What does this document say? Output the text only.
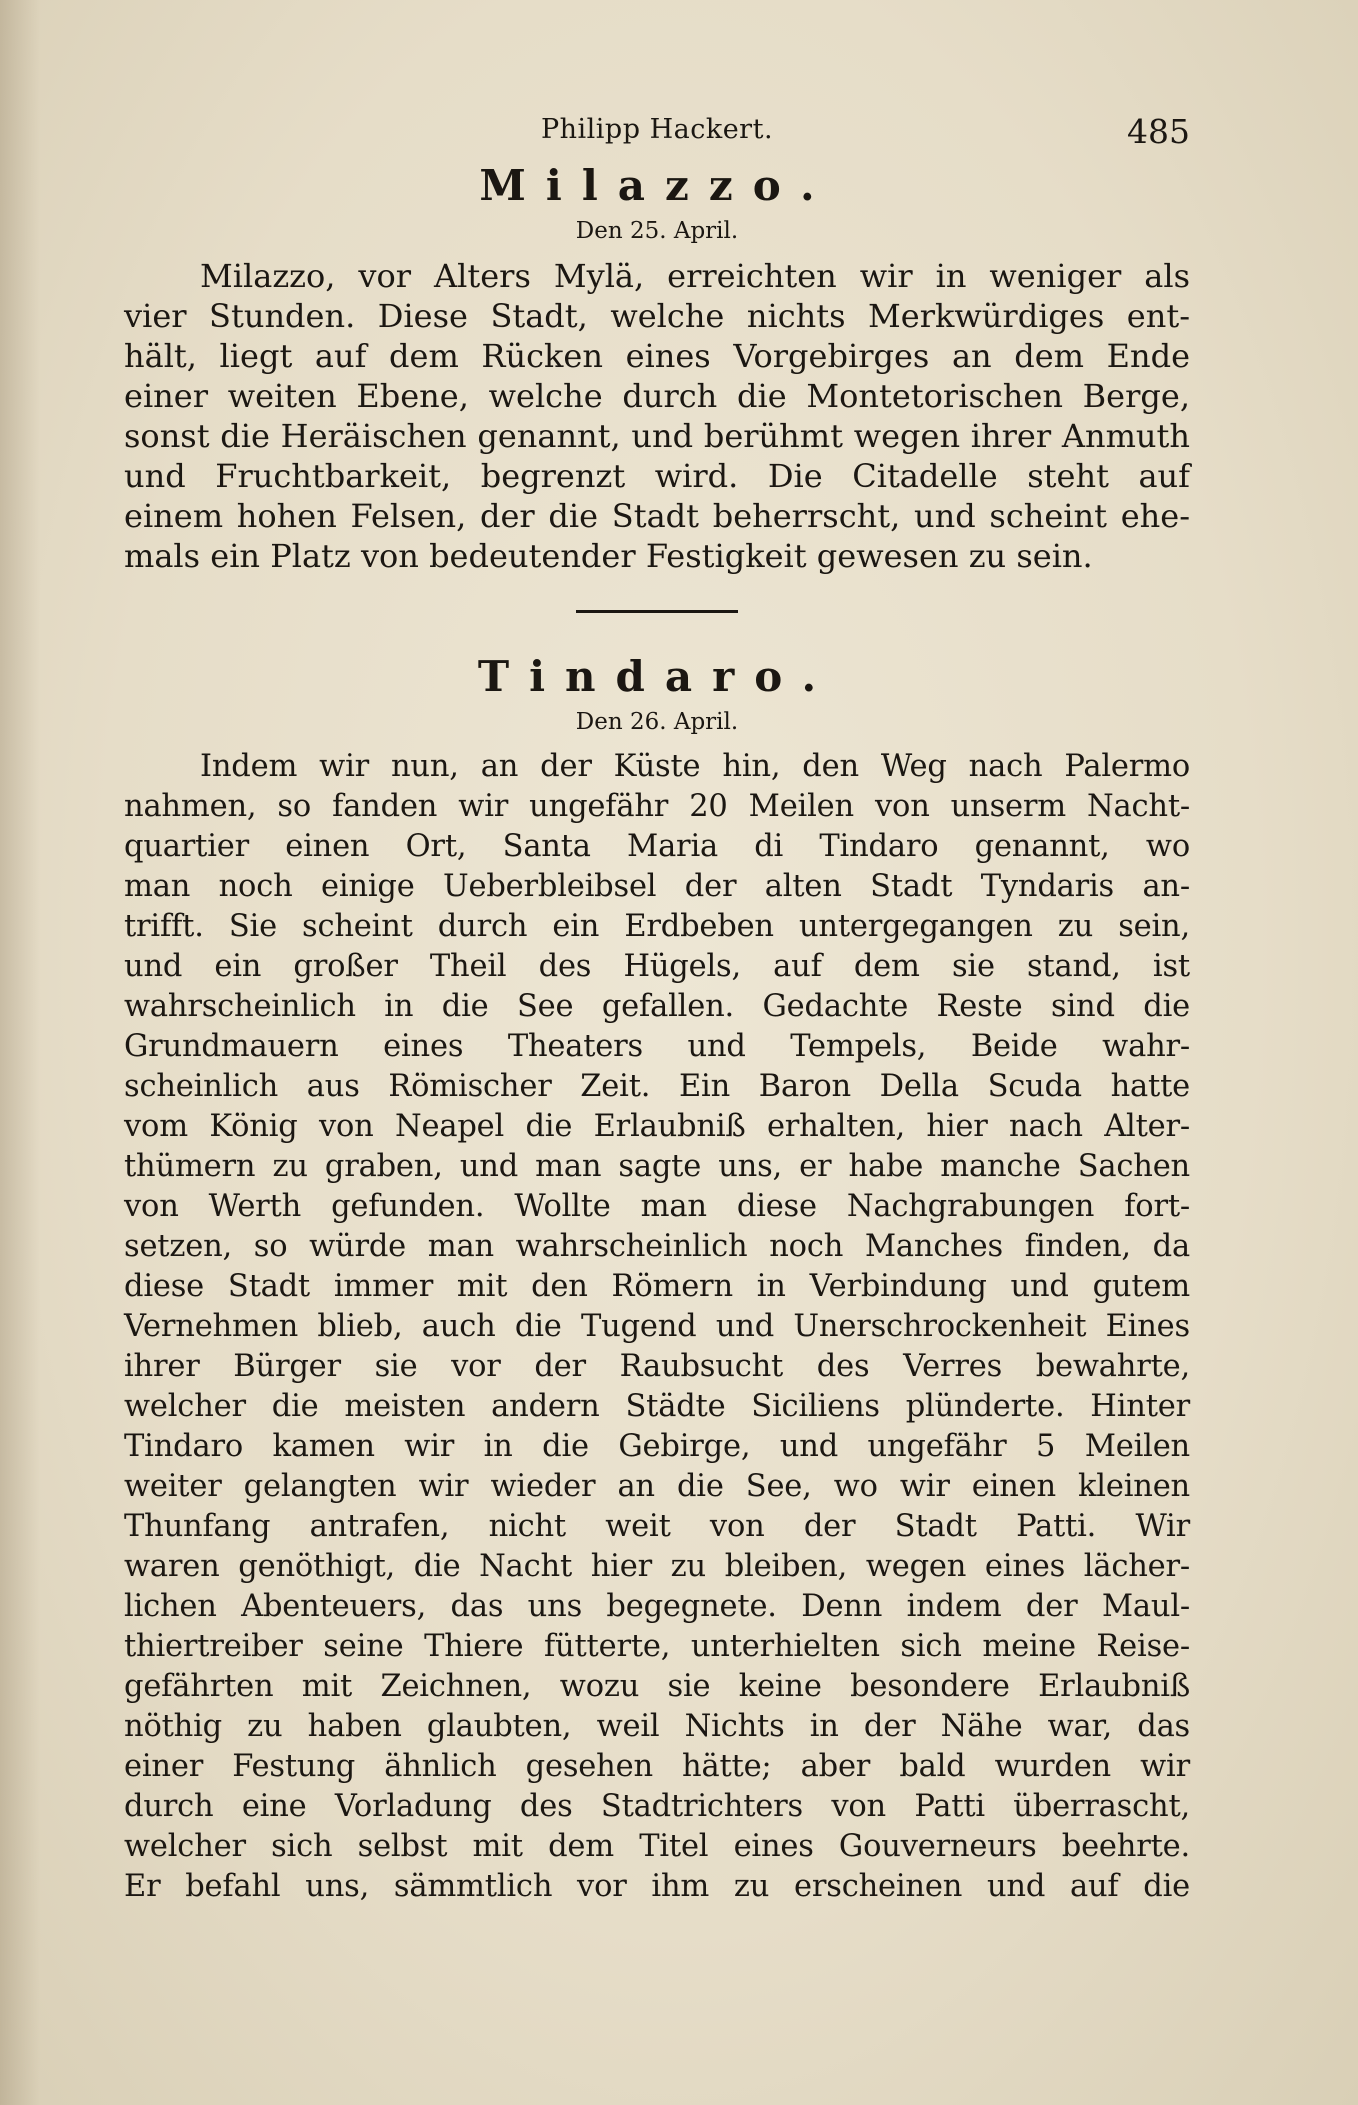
Philipp Hackert.	485
Milazzo.
Den 25. April.
Milazzo, vor Alters Mylä, erreichten wir in weniger als
vier Stunden. Diese Stadt, welche nichts Merkwürdiges ent-
hält, liegt auf dem Rücken eines Vorgebirges an dem Ende
einer weiten Ebene, welche durch die Montetorischen Berge,
sonst die Heräischen genannt, und berühmt wegen ihrer Anmuth
und Fruchtbarkeit, begrenzt wird. Die Citadelle steht auf
einem hohen Felsen, der die Stadt beherrscht, und scheint ehe-
mals ein Platz von bedeutender Festigkeit gewesen zu sein.
Tindaro.
Den 26. April.
Indem wir nun, an der Küste hin, den Weg nach Palermo
nahmen, so fanden wir ungefähr 20 Meilen von unserm Nacht-
quartier einen Ort, Santa Maria di Tindaro genannt, wo
man noch einige Ueberbleibsel der alten Stadt Tyndaris an-
trifft. Sie scheint durch ein Erdbeben untergegangen zu sein,
und ein großer Theil des Hügels, auf dem sie stand, ist
wahrscheinlich in die See gefallen. Gedachte Reste sind die
Grundmauern eines Theaters und Tempels, Beide wahr-
scheinlich aus Römischer Zeit. Ein Baron Della Scuda hatte
vom König von Neapel die Erlaubniß erhalten, hier nach Alter-
thümern zu graben, und man sagte uns, er habe manche Sachen
von Werth gefunden. Wollte man diese Nachgrabungen fort-
setzen, so würde man wahrscheinlich noch Manches finden, da
diese Stadt immer mit den Römern in Verbindung und gutem
Vernehmen blieb, auch die Tugend und Unerschrockenheit Eines
ihrer Bürger sie vor der Raubsucht des Verres bewahrte,
welcher die meisten andern Städte Siciliens plünderte. Hinter
Tindaro kamen wir in die Gebirge, und ungefähr 5 Meilen
weiter gelangten wir wieder an die See, wo wir einen kleinen
Thunfang antrafen, nicht weit von der Stadt Patti. Wir
waren genöthigt, die Nacht hier zu bleiben, wegen eines lächer-
lichen Abenteuers, das uns begegnete. Denn indem der Maul-
thiertreiber seine Thiere fütterte, unterhielten sich meine Reise-
gefährten mit Zeichnen, wozu sie keine besondere Erlaubniß
nöthig zu haben glaubten, weil Nichts in der Nähe war, das
einer Festung ähnlich gesehen hätte; aber bald wurden wir
durch eine Vorladung des Stadtrichters von Patti überrascht,
welcher sich selbst mit dem Titel eines Gouverneurs beehrte.
Er befahl uns, sämmtlich vor ihm zu erscheinen und auf die
